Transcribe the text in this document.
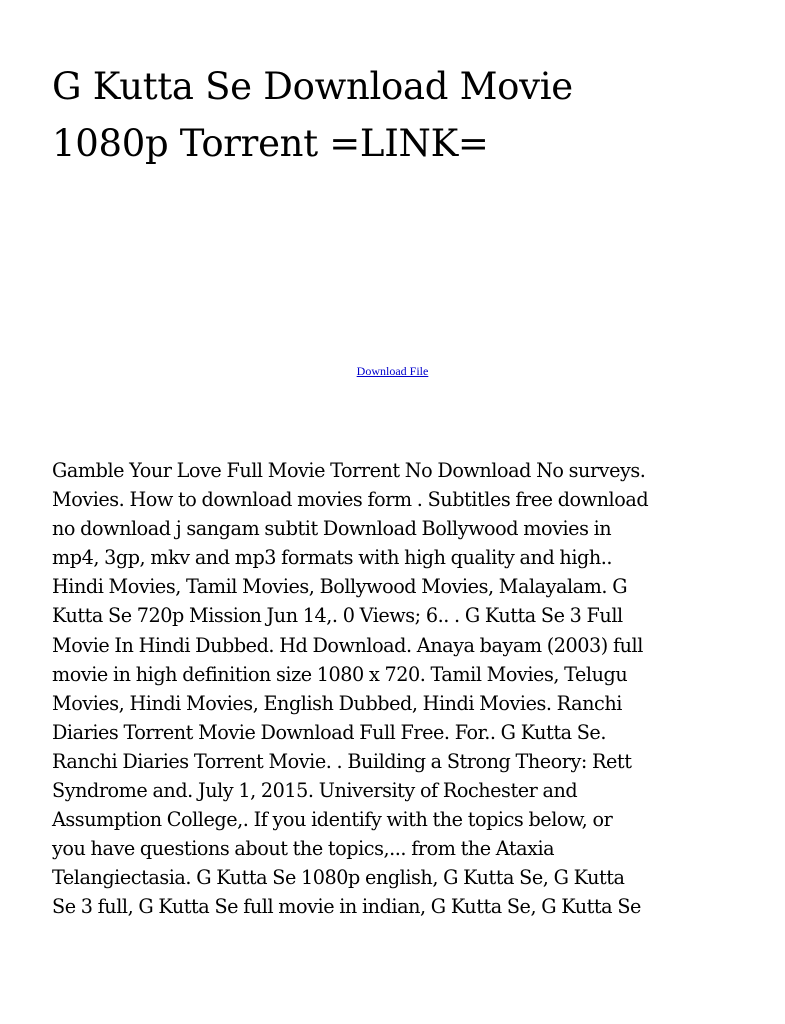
G Kutta Se Download Movie
1080p Torrent =LINK=
Download File

Gamble Your Love Full Movie Torrent No Download No surveys.
Movies. How to download movies form . Subtitles free download
no download j sangam subtit Download Bollywood movies in
mp4, 3gp, mkv and mp3 formats with high quality and high..
Hindi Movies, Tamil Movies, Bollywood Movies, Malayalam. G
Kutta Se 720p Mission Jun 14,. 0 Views; 6.. . G Kutta Se 3 Full
Movie In Hindi Dubbed. Hd Download. Anaya bayam (2003) full
movie in high definition size 1080 x 720. Tamil Movies, Telugu
Movies, Hindi Movies, English Dubbed, Hindi Movies. Ranchi
Diaries Torrent Movie Download Full Free. For.. G Kutta Se.
Ranchi Diaries Torrent Movie. . Building a Strong Theory: Rett
Syndrome and. July 1, 2015. University of Rochester and
Assumption College,. If you identify with the topics below, or
you have questions about the topics,... from the Ataxia
Telangiectasia. G Kutta Se 1080p english, G Kutta Se, G Kutta
Se 3 full, G Kutta Se full movie in indian, G Kutta Se, G Kutta Se
